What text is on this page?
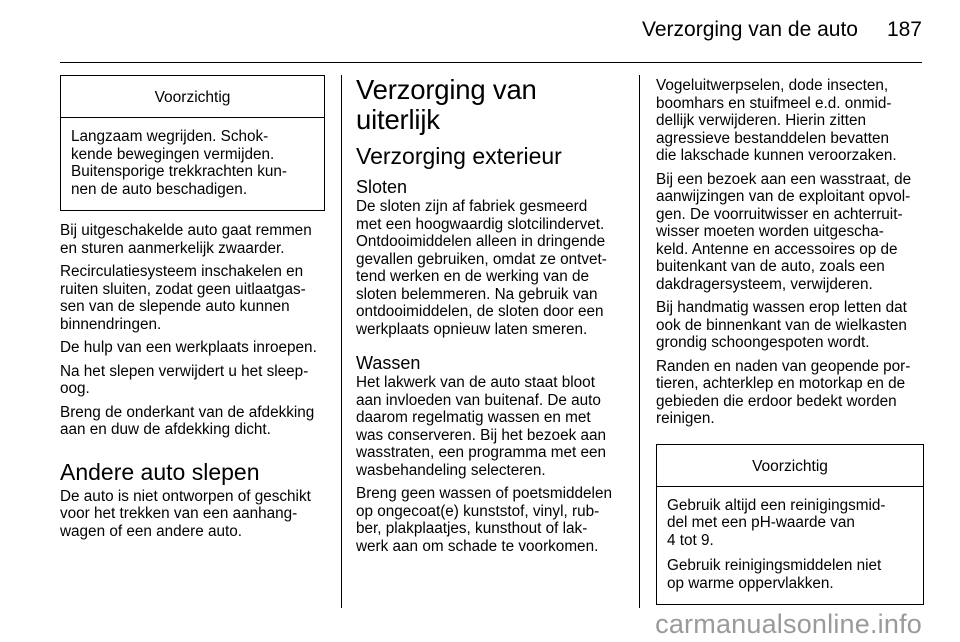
Verzorging van de auto 187
Voorzichtig

Langzaam wegrijden. Schok-
kende bewegingen vermijden.
Buitensporige trekkrachten kun-
nen de auto beschadigen.

Bij uitgeschakelde auto gaat remmen
en sturen aanmerkelijk zwaarder.

Recirculatiesysteem inschakelen en
ruiten sluiten, zodat geen uitlaatgas-
sen van de slepende auto kunnen
binnendringen.

De hulp van een werkplaats inroepen.

Na het slepen verwijdert u het sleep-
oog.

Breng de onderkant van de afdekking
aan en duw de afdekking dicht.

Andere auto slepen

De auto is niet ontworpen of geschikt
voor het trekken van een aanhang-
wagen of een andere auto.

Verzorging van uiterlijk
Verzorging exterieur
Sloten

De sloten zijn af fabriek gesmeerd
met een hoogwaardig slotcilindervet.
Ontdooimiddelen alleen in dringende
gevallen gebruiken, omdat ze ontvet-
tend werken en de werking van de
sloten belemmeren. Na gebruik van
ontdooimiddelen, de sloten door een
werkplaats opnieuw laten smeren.

Wassen

Het lakwerk van de auto staat bloot
aan invloeden van buitenaf. De auto
daarom regelmatig wassen en met
was conserveren. Bij het bezoek aan
wasstraten, een programma met een
wasbehandeling selecteren.

Breng geen wassen of poetsmiddelen
op ongecoat(e) kunststof, vinyl, rub-
ber, plakplaatjes, kunsthout of lak-
werk aan om schade te voorkomen.

Vogeluitwerpselen, dode insecten,
boomhars en stuifmeel e.d. onmid-
dellijk verwijderen. Hierin zitten
agressieve bestanddelen bevatten
die lakschade kunnen veroorzaken.

Bij een bezoek aan een wasstraat, de
aanwijzingen van de exploitant opvol-
gen. De voorruitwisser en achterruit-
wisser moeten worden uitgescha-
keld. Antenne en accessoires op de
buitenkant van de auto, zoals een
dakdragersysteem, verwijderen.

Bij handmatig wassen erop letten dat
ook de binnenkant van de wielkasten
grondig schoongespoten wordt.

Randen en naden van geopende por-
tieren, achterklep en motorkap en de
gebieden die erdoor bedekt worden
reinigen.

Voorzichtig

Gebruik altijd een reinigingsmid-
del met een pH-waarde van
4 tot 9.

Gebruik reinigingsmiddelen niet
op warme oppervlakken.

carmanualsonline.info
